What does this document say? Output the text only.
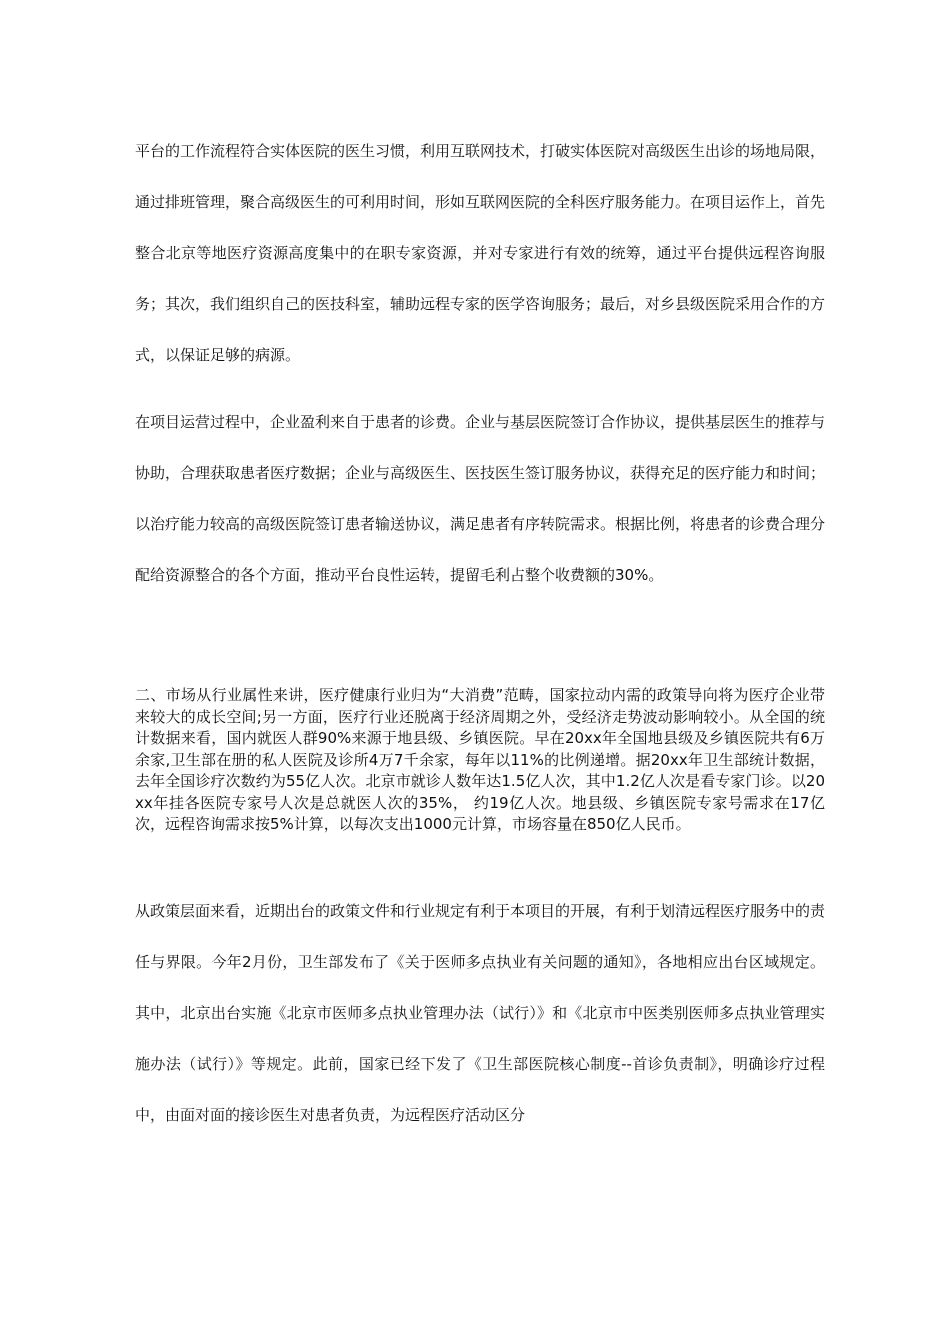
平台的工作流程符合实体医院的医生习惯，利用互联网技术，打破实体医院对高级医生出诊的场地局限，通过排班管理，聚合高级医生的可利用时间，形如互联网医院的全科医疗服务能力。在项目运作上，首先整合北京等地医疗资源高度集中的在职专家资源，并对专家进行有效的统筹，通过平台提供远程咨询服务；其次，我们组织自己的医技科室，辅助远程专家的医学咨询服务；最后，对乡县级医院采用合作的方式，以保证足够的病源。

在项目运营过程中，企业盈利来自于患者的诊费。企业与基层医院签订合作协议，提供基层医生的推荐与协助，合理获取患者医疗数据；企业与高级医生、医技医生签订服务协议，获得充足的医疗能力和时间；以治疗能力较高的高级医院签订患者输送协议，满足患者有序转院需求。根据比例，将患者的诊费合理分配给资源整合的各个方面，推动平台良性运转，提留毛利占整个收费额的30%。

二、市场从行业属性来讲，医疗健康行业归为“大消费”范畴，国家拉动内需的政策导向将为医疗企业带来较大的成长空间;另一方面，医疗行业还脱离于经济周期之外，受经济走势波动影响较小。从全国的统计数据来看，国内就医人群90%来源于地县级、乡镇医院。早在20xx年全国地县级及乡镇医院共有6万余家,卫生部在册的私人医院及诊所4万7千余家，每年以11%的比例递增。据20xx年卫生部统计数据，去年全国诊疗次数约为55亿人次。北京市就诊人数年达1.5亿人次，其中1.2亿人次是看专家门诊。以20xx年挂各医院专家号人次是总就医人次的35%， 约19亿人次。地县级、乡镇医院专家号需求在17亿次，远程咨询需求按5%计算，以每次支出1000元计算，市场容量在850亿人民币。

从政策层面来看，近期出台的政策文件和行业规定有利于本项目的开展，有利于划清远程医疗服务中的责任与界限。今年2月份，卫生部发布了《关于医师多点执业有关问题的通知》，各地相应出台区域规定。其中，北京出台实施《北京市医师多点执业管理办法（试行）》和《北京市中医类别医师多点执业管理实施办法（试行）》等规定。此前，国家已经下发了《卫生部医院核心制度--首诊负责制》，明确诊疗过程中，由面对面的接诊医生对患者负责，为远程医疗活动区分
